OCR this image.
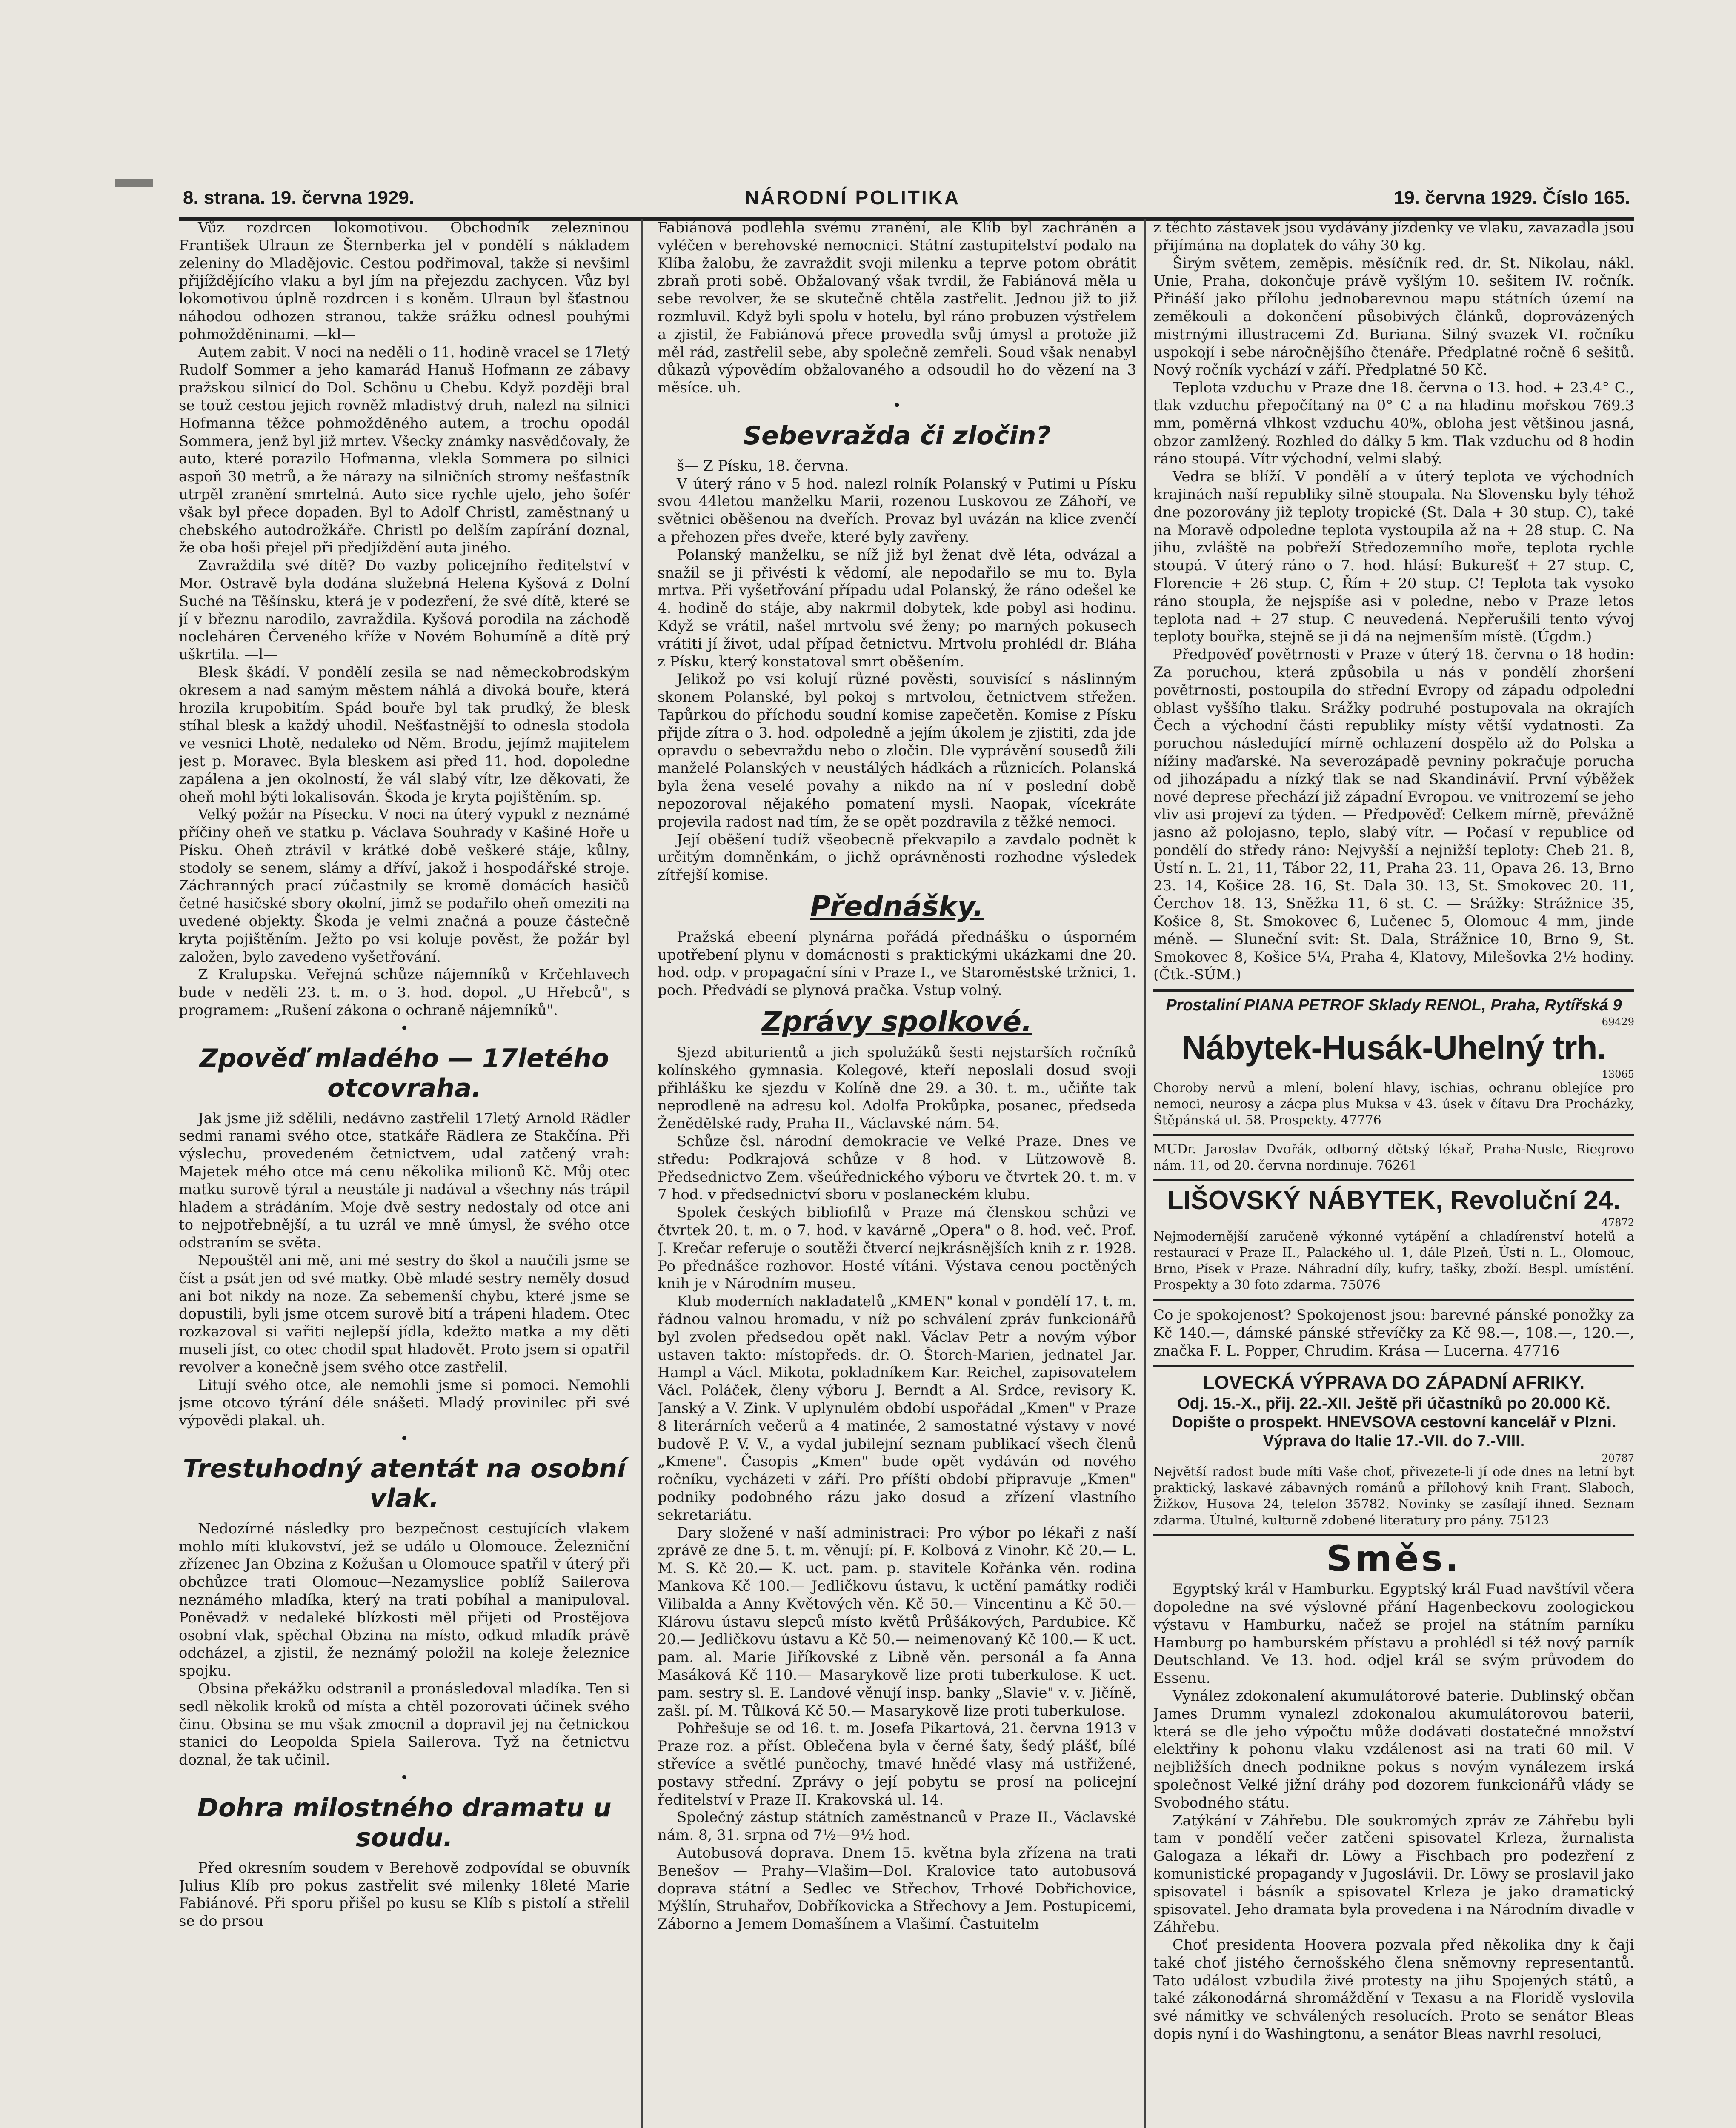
8. strana. 19. června 1929.	NÁRODNÍ POLITIKA	19. června 1929. Číslo 165.

Vůz rozdrcen lokomotivou. Obchodník zelezninou František Ulraun ze Šternberka jel v pondělí s nákladem zeleniny do Mladějovic. Cestou podřimoval, takže si nevšiml přijíždějícího vlaku a byl jím na přejezdu zachycen. Vůz byl lokomotivou úplně rozdrcen i s koněm. Ulraun byl šťastnou náhodou odhozen stranou, takže srážku odnesl pouhými pohmožděninami. —kl—

Autem zabit. V noci na neděli o 11. hodině vracel se 17letý Rudolf Sommer a jeho kamarád Hanuš Hofmann ze zábavy pražskou silnicí do Dol. Schönu u Chebu. Když později bral se touž cestou jejich rovněž mladistvý druh, nalezl na silnici Hofmanna těžce pohmožděného autem, a trochu opodál Sommera, jenž byl již mrtev. Všecky známky nasvědčovaly, že auto, které porazilo Hofmanna, vlekla Sommera po silnici aspoň 30 metrů, a že nárazy na silničních stromy nešťastník utrpěl zranění smrtelná. Auto sice rychle ujelo, jeho šofér však byl přece dopaden. Byl to Adolf Christl, zaměstnaný u chebského autodrožkáře. Christl po delším zapírání doznal, že oba hoši přejel při předjíždění auta jiného.

Zavraždila své dítě? Do vazby policejního ředitelství v Mor. Ostravě byla dodána služebná Helena Kyšová z Dolní Suché na Těšínsku, která je v podezření, že své dítě, které se jí v březnu narodilo, zavraždila. Kyšová porodila na záchodě nocleháren Červeného kříže v Novém Bohumíně a dítě prý uškrtila. —l—

Blesk škádí. V pondělí zesila se nad německobrodským okresem a nad samým městem náhlá a divoká bouře, která hrozila krupobitím. Spád bouře byl tak prudký, že blesk stíhal blesk a každý uhodil. Nešťastnější to odnesla stodola ve vesnici Lhotě, nedaleko od Něm. Brodu, jejímž majitelem jest p. Moravec. Byla bleskem asi před 11. hod. dopoledne zapálena a jen okolností, že vál slabý vítr, lze děkovati, že oheň mohl býti lokalisován. Škoda je kryta pojištěním. sp.

Velký požár na Písecku. V noci na úterý vypukl z neznámé příčiny oheň ve statku p. Václava Souhrady v Kašiné Hoře u Písku. Oheň ztrávil v krátké době veškeré stáje, kůlny, stodoly se senem, slámy a dříví, jakož i hospodářské stroje. Záchranných prací zúčastnily se kromě domácích hasičů četné hasičské sbory okolní, jimž se podařilo oheň omeziti na uvedené objekty. Škoda je velmi značná a pouze částečně kryta pojištěním. Ježto po vsi koluje pověst, že požár byl založen, bylo zavedeno vyšetřování.

Z Kralupska. Veřejná schůze nájemníků v Krčehlavech bude v neděli 23. t. m. o 3. hod. dopol. „U Hřebců", s programem: „Rušení zákona o ochraně nájemníků".

•

Zpověď mladého — 17letého otcovraha.

Jak jsme již sdělili, nedávno zastřelil 17letý Arnold Rädler sedmi ranami svého otce, statkáře Rädlera ze Stakčína. Při výslechu, provedeném četnictvem, udal zatčený vrah: Majetek mého otce má cenu několika milionů Kč. Můj otec matku surově týral a neustále ji nadával a všechny nás trápil hladem a strádáním. Moje dvě sestry nedostaly od otce ani to nejpotřebnější, a tu uzrál ve mně úmysl, že svého otce odstraním se světa.

Nepouštěl ani mě, ani mé sestry do škol a naučili jsme se číst a psát jen od své matky. Obě mladé sestry neměly dosud ani bot nikdy na noze. Za sebemenší chybu, které jsme se dopustili, byli jsme otcem surově bití a trápeni hladem. Otec rozkazoval si vařiti nejlepší jídla, kdežto matka a my děti museli jíst, co otec chodil spat hladovět. Proto jsem si opatřil revolver a konečně jsem svého otce zastřelil.

Litují svého otce, ale nemohli jsme si pomoci. Nemohli jsme otcovo týrání déle snášeti. Mladý provinilec při své výpovědi plakal. uh.

•

Trestuhodný atentát na osobní vlak.

Nedozírné následky pro bezpečnost cestujících vlakem mohlo míti klukovství, jež se událo u Olomouce. Železniční zřízenec Jan Obzina z Kožušan u Olomouce spatřil v úterý při obchůzce trati Olomouc—Nezamyslice poblíž Sailerova neznámého mladíka, který na trati pobíhal a manipuloval. Poněvadž v nedaleké blízkosti měl přijeti od Prostějova osobní vlak, spěchal Obzina na místo, odkud mladík právě odcházel, a zjistil, že neznámý položil na koleje železnice spojku.

Obsina překážku odstranil a pronásledoval mladíka. Ten si sedl několik kroků od místa a chtěl pozorovati účinek svého činu. Obsina se mu však zmocnil a dopravil jej na četnickou stanici do Leopolda Spiela Sailerova. Tyž na četnictvu doznal, že tak učinil.

•

Dohra milostného dramatu u soudu.

Před okresním soudem v Berehově zodpovídal se obuvník Julius Klíb pro pokus zastřelit své milenky 18leté Marie Fabiánové. Při sporu přišel po kusu se Klíb s pistolí a střelil se do prsou

Fabiánová podlehla svému zranění, ale Klíb byl zachráněn a vyléčen v berehovské nemocnici. Státní zastupitelství podalo na Klíba žalobu, že zavraždit svoji milenku a teprve potom obrátit zbraň proti sobě. Obžalovaný však tvrdil, že Fabiánová měla u sebe revolver, že se skutečně chtěla zastřelit. Jednou již to již rozmluvil. Když byli spolu v hotelu, byl ráno probuzen výstřelem a zjistil, že Fabiánová přece provedla svůj úmysl a protože již měl rád, zastřelil sebe, aby společně zemřeli. Soud však nenabyl důkazů výpovědím obžalovaného a odsoudil ho do vězení na 3 měsíce. uh.

•

Sebevražda či zločin?

š— Z Písku, 18. června.

V úterý ráno v 5 hod. nalezl rolník Polanský v Putimi u Písku svou 44letou manželku Marii, rozenou Luskovou ze Záhoří, ve světnici oběšenou na dveřích. Provaz byl uvázán na klice zvenčí a přehozen přes dveře, které byly zavřeny.

Polanský manželku, se níž již byl ženat dvě léta, odvázal a snažil se ji přivésti k vědomí, ale nepodařilo se mu to. Byla mrtva. Při vyšetřování případu udal Polanský, že ráno odešel ke 4. hodině do stáje, aby nakrmil dobytek, kde pobyl asi hodinu. Když se vrátil, našel mrtvolu své ženy; po marných pokusech vrátiti jí život, udal případ četnictvu. Mrtvolu prohlédl dr. Bláha z Písku, který konstatoval smrt oběšením.

Jelikož po vsi kolují různé pověsti, souvisící s náslinným skonem Polanské, byl pokoj s mrtvolou, četnictvem střežen. Tapůrkou do příchodu soudní komise zapečetěn. Komise z Písku přijde zítra o 3. hod. odpoledně a jejím úkolem je zjistiti, zda jde opravdu o sebevraždu nebo o zločin. Dle vyprávění sousedů žili manželé Polanských v neustálých hádkách a různicích. Polanská byla žena veselé povahy a nikdo na ní v poslední době nepozoroval nějakého pomatení mysli. Naopak, vícekráte projevila radost nad tím, že se opět pozdravila z těžké nemoci.

Její oběšení tudíž všeobecně překvapilo a zavdalo podnět k určitým domněnkám, o jichž oprávněnosti rozhodne výsledek zítřejší komise.

Přednášky.

Pražská ebeení plynárna pořádá přednášku o úsporném upotřebení plynu v domácnosti s praktickými ukázkami dne 20. hod. odp. v propagační síni v Praze I., ve Staroměstské tržnici, 1. poch. Předvádí se plynová pračka. Vstup volný.

Zprávy spolkové.

Sjezd abiturientů a jich spolužáků šesti nejstarších ročníků kolínského gymnasia. Kolegové, kteří neposlali dosud svoji přihlášku ke sjezdu v Kolíně dne 29. a 30. t. m., učiňte tak neprodleně na adresu kol. Adolfa Prokůpka, posanec, předseda Ženědělské rady, Praha II., Václavské nám. 54.

Schůze čsl. národní demokracie ve Velké Praze. Dnes ve středu: Podkrajová schůze v 8 hod. v Lützowově 8. Předsednictvo Zem. všeúřednického výboru ve čtvrtek 20. t. m. v 7 hod. v předsednictví sboru v poslaneckém klubu.

Spolek českých bibliofilů v Praze má členskou schůzi ve čtvrtek 20. t. m. o 7. hod. v kavárně „Opera" o 8. hod. več. Prof. J. Krečar referuje o soutěži čtvercí nejkrásnějších knih z r. 1928. Po přednášce rozhovor. Hosté vítáni. Výstava cenou poctěných knih je v Národním museu.

Klub moderních nakladatelů „KMEN" konal v pondělí 17. t. m. řádnou valnou hromadu, v níž po schválení zpráv funkcionářů byl zvolen předsedou opět nakl. Václav Petr a novým výbor ustaven takto: místopředs. dr. O. Štorch-Marien, jednatel Jar. Hampl a Václ. Mikota, pokladníkem Kar. Reichel, zapisovatelem Václ. Poláček, členy výboru J. Berndt a Al. Srdce, revisory K. Janský a V. Zink. V uplynulém období uspořádal „Kmen" v Praze 8 literárních večerů a 4 matinée, 2 samostatné výstavy v nové budově P. V. V., a vydal jubilejní seznam publikací všech členů „Kmene". Časopis „Kmen" bude opět vydáván od nového ročníku, vycházeti v září. Pro příští období připravuje „Kmen" podniky podobného rázu jako dosud a zřízení vlastního sekretariátu.

Dary složené v naší administraci: Pro výbor po lékaři z naší zprávě ze dne 5. t. m. věnují: pí. F. Kolbová z Vinohr. Kč 20.— L. M. S. Kč 20.— K. uct. pam. p. stavitele Kořánka věn. rodina Mankova Kč 100.— Jedličkovu ústavu, k uctění památky rodiči Vilibalda a Anny Květových věn. Kč 50.— Vincentinu a Kč 50.— Klárovu ústavu slepců místo květů Průšákových, Pardubice. Kč 20.— Jedličkovu ústavu a Kč 50.— neimenovaný Kč 100.— K uct. pam. al. Marie Jiříkovské z Libně věn. personál a fa Anna Masáková Kč 110.— Masarykově lize proti tuberkulose. K uct. pam. sestry sl. E. Landové věnují insp. banky „Slavie" v. v. Jičíně, zašl. pí. M. Tůlková Kč 50.— Masarykově lize proti tuberkulose.

Pohřešuje se od 16. t. m. Josefa Pikartová, 21. června 1913 v Praze roz. a příst. Oblečena byla v černé šaty, šedý plášť, bílé střevíce a světlé punčochy, tmavé hnědé vlasy má ustřižené, postavy střední. Zprávy o její pobytu se prosí na policejní ředitelství v Praze II. Krakovská ul. 14.

Společný zástup státních zaměstnanců v Praze II., Václavské nám. 8, 31. srpna od 7½—9½ hod.

Autobusová doprava. Dnem 15. května byla zřízena na trati Benešov — Prahy—Vlašim—Dol. Kralovice tato autobusová doprava státní a Sedlec ve Střechov, Trhové Dobřichovice, Mýšlín, Struhařov, Dobříkovicka a Střechovy a Jem. Postupicemi, Záborno a Jemem Domašínem a Vlašimí. Častuitelm

z těchto zástavek jsou vydávány jízdenky ve vlaku, zavazadla jsou přijímána na doplatek do váhy 30 kg.

Širým světem, zeměpis. měsíčník red. dr. St. Nikolau, nákl. Unie, Praha, dokončuje právě vyšlým 10. sešitem IV. ročník. Přináší jako přílohu jednobarevnou mapu státních území na zeměkouli a dokončení působivých článků, doprovázených mistrnými illustracemi Zd. Buriana. Silný svazek VI. ročníku uspokojí i sebe náročnějšího čtenáře. Předplatné ročně 6 sešitů. Nový ročník vychází v září. Předplatné 50 Kč.

Teplota vzduchu v Praze dne 18. června o 13. hod. + 23.4° C., tlak vzduchu přepočítaný na 0° C a na hladinu mořskou 769.3 mm, poměrná vlhkost vzduchu 40%, obloha jest většinou jasná, obzor zamlžený. Rozhled do dálky 5 km. Tlak vzduchu od 8 hodin ráno stoupá. Vítr východní, velmi slabý.

Vedra se blíží. V pondělí a v úterý teplota ve východních krajinách naší republiky silně stoupala. Na Slovensku byly téhož dne pozorovány již teploty tropické (St. Dala + 30 stup. C), také na Moravě odpoledne teplota vystoupila až na + 28 stup. C. Na jihu, zvláště na pobřeží Středozemního moře, teplota rychle stoupá. V úterý ráno o 7. hod. hlásí: Bukurešť + 27 stup. C, Florencie + 26 stup. C, Řím + 20 stup. C! Teplota tak vysoko ráno stoupla, že nejspíše asi v poledne, nebo v Praze letos teplota nad + 27 stup. C neuvedená. Nepřerušili tento vývoj teploty bouřka, stejně se ji dá na nejmenším místě. (Úgdm.)

Předpověď povětrnosti v Praze v úterý 18. června o 18 hodin: Za poruchou, která způsobila u nás v pondělí zhoršení povětrnosti, postoupila do střední Evropy od západu odpolední oblast vyššího tlaku. Srážky podruhé postupovala na okrajích Čech a východní části republiky místy větší vydatnosti. Za poruchou následující mírně ochlazení dospělo až do Polska a nížiny maďarské. Na severozápadě pevniny pokračuje porucha od jihozápadu a nízký tlak se nad Skandinávií. První výběžek nové deprese přechází již západní Evropou. ve vnitrozemí se jeho vliv asi projeví za týden. — Předpověď: Celkem mírně, převážně jasno až polojasno, teplo, slabý vítr. — Počasí v republice od pondělí do středy ráno: Nejvyšší a nejnižší teploty: Cheb 21. 8, Ústí n. L. 21, 11, Tábor 22, 11, Praha 23. 11, Opava 26. 13, Brno 23. 14, Košice 28. 16, St. Dala 30. 13, St. Smokovec 20. 11, Čerchov 18. 13, Sněžka 11, 6 st. C. — Srážky: Strážnice 35, Košice 8, St. Smokovec 6, Lučenec 5, Olomouc 4 mm, jinde méně. — Sluneční svit: St. Dala, Strážnice 10, Brno 9, St. Smokovec 8, Košice 5¼, Praha 4, Klatovy, Milešovka 2½ hodiny. (Čtk.-SÚM.)

Prostaliní PIANA PETROF Sklady RENOL, Praha, Rytířská 9

69429

Nábytek-Husák-Uhelný trh.

13065

Choroby nervů a mlení, bolení hlavy, ischias, ochranu oblejíce pro nemoci, neurosy a zácpa plus Muksa v 43. úsek v čítavu Dra Procházky, Štěpánská ul. 58. Prospekty. 47776

MUDr. Jaroslav Dvořák, odborný dětský lékař, Praha-Nusle, Riegrovo nám. 11, od 20. června nordinuje. 76261

LIŠOVSKÝ NÁBYTEK, Revoluční 24.

47872

Nejmodernější zaručeně výkonné vytápění a chladírenství hotelů a restaurací v Praze II., Palackého ul. 1, dále Plzeň, Ústí n. L., Olomouc, Brno, Písek v Praze. Náhradní díly, kufry, tašky, zboží. Bespl. umístění. Prospekty a 30 foto zdarma. 75076

Co je spokojenost? Spokojenost jsou: barevné pánské ponožky za Kč 140.—, dámské pánské střevíčky za Kč 98.—, 108.—, 120.—, značka F. L. Popper, Chrudim. Krása — Lucerna. 47716

LOVECKÁ VÝPRAVA DO ZÁPADNÍ AFRIKY.
Odj. 15.-X., přij. 22.-XII. Ještě při účastníků po 20.000 Kč. Dopište o prospekt. HNEVSOVA cestovní kancelář v Plzni. Výprava do Italie 17.-VII. do 7.-VIII.

20787

Největší radost bude míti Vaše choť, přivezete-li jí ode dnes na letní byt praktický, laskavé zábavných románů a přílohový knih Frant. Slaboch, Žižkov, Husova 24, telefon 35782. Novinky se zasílají ihned. Seznam zdarma. Útulné, kulturně zdobené literatury pro pány. 75123

Směs.

Egyptský král v Hamburku. Egyptský král Fuad navštívil včera dopoledne na své výslovné přání Hagenbeckovu zoologickou výstavu v Hamburku, načež se projel na státním parníku Hamburg po hamburském přístavu a prohlédl si též nový parník Deutschland. Ve 13. hod. odjel král se svým průvodem do Essenu.

Vynález zdokonalení akumulátorové baterie. Dublinský občan James Drumm vynalezl zdokonalou akumulátorovou baterii, která se dle jeho výpočtu může dodávati dostatečné množství elektřiny k pohonu vlaku vzdálenost asi na trati 60 mil. V nejbližších dnech podnikne pokus s novým vynálezem irská společnost Velké jižní dráhy pod dozorem funkcionářů vlády se Svobodného státu.

Zatýkání v Záhřebu. Dle soukromých zpráv ze Záhřebu byli tam v pondělí večer zatčeni spisovatel Krleza, žurnalista Galogaza a lékaři dr. Löwy a Fischbach pro podezření z komunistické propagandy v Jugoslávii. Dr. Löwy se proslavil jako spisovatel i básník a spisovatel Krleza je jako dramatický spisovatel. Jeho dramata byla provedena i na Národním divadle v Záhřebu.

Choť presidenta Hoovera pozvala před několika dny k čaji také choť jistého černošského člena sněmovny representantů. Tato událost vzbudila živé protesty na jihu Spojených států, a také zákonodárná shromáždění v Texasu a na Floridě vyslovila své námitky ve schválených resolucích. Proto se senátor Bleas dopis nyní i do Washingtonu, a senátor Bleas navrhl resoluci,
